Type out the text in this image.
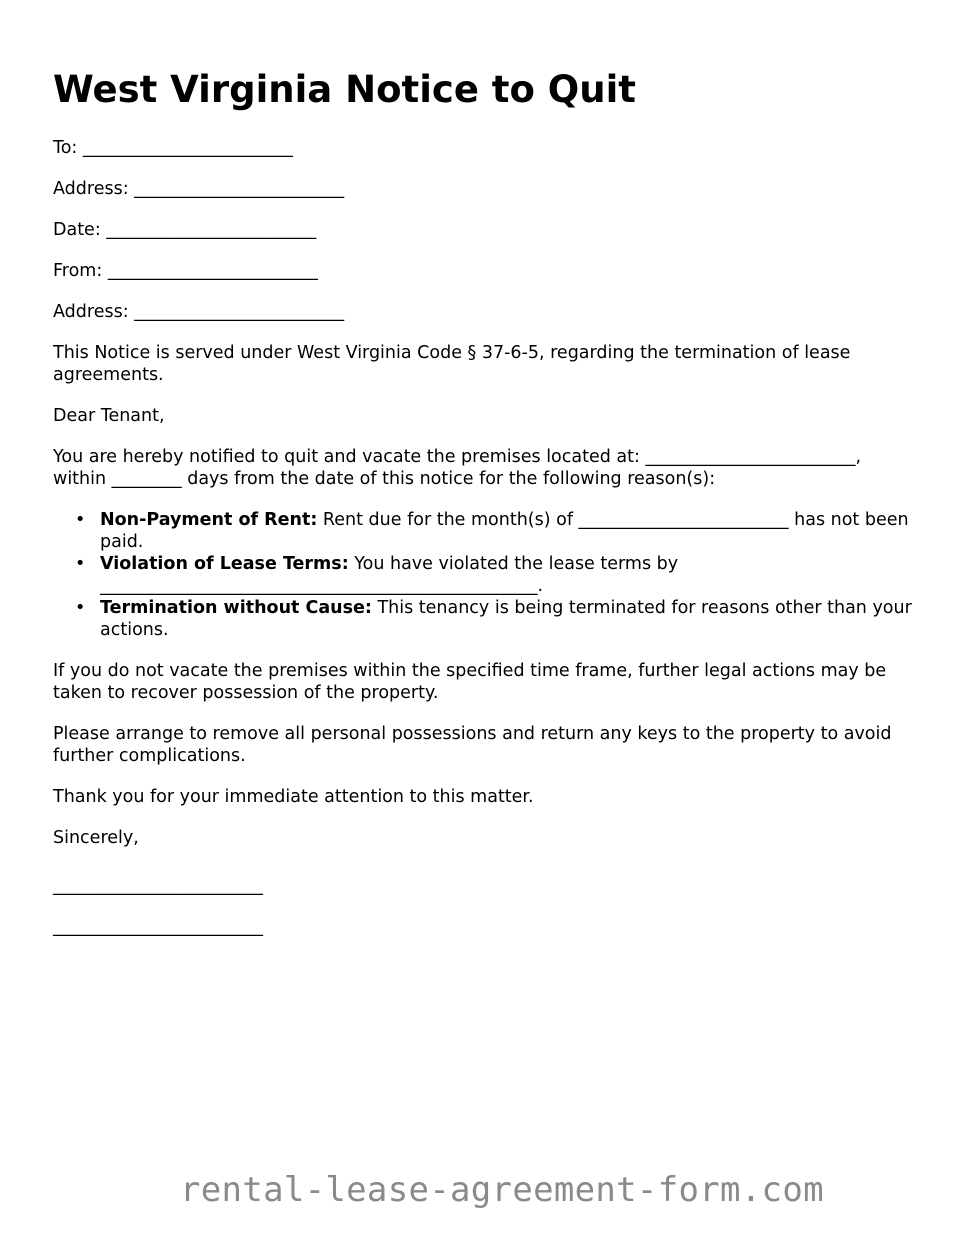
West Virginia Notice to Quit

To: ________________________

Address: ________________________

Date: ________________________

From: ________________________

Address: ________________________

This Notice is served under West Virginia Code § 37-6-5, regarding the termination of lease agreements.

Dear Tenant,

You are hereby notified to quit and vacate the premises located at: ________________________, within ________ days from the date of this notice for the following reason(s):

• Non-Payment of Rent: Rent due for the month(s) of ________________________ has not been paid.
• Violation of Lease Terms: You have violated the lease terms by __________________________________________________.
• Termination without Cause: This tenancy is being terminated for reasons other than your actions.

If you do not vacate the premises within the specified time frame, further legal actions may be taken to recover possession of the property.

Please arrange to remove all personal possessions and return any keys to the property to avoid further complications.

Thank you for your immediate attention to this matter.

Sincerely,

________________________
________________________
rental-lease-agreement-form.com
